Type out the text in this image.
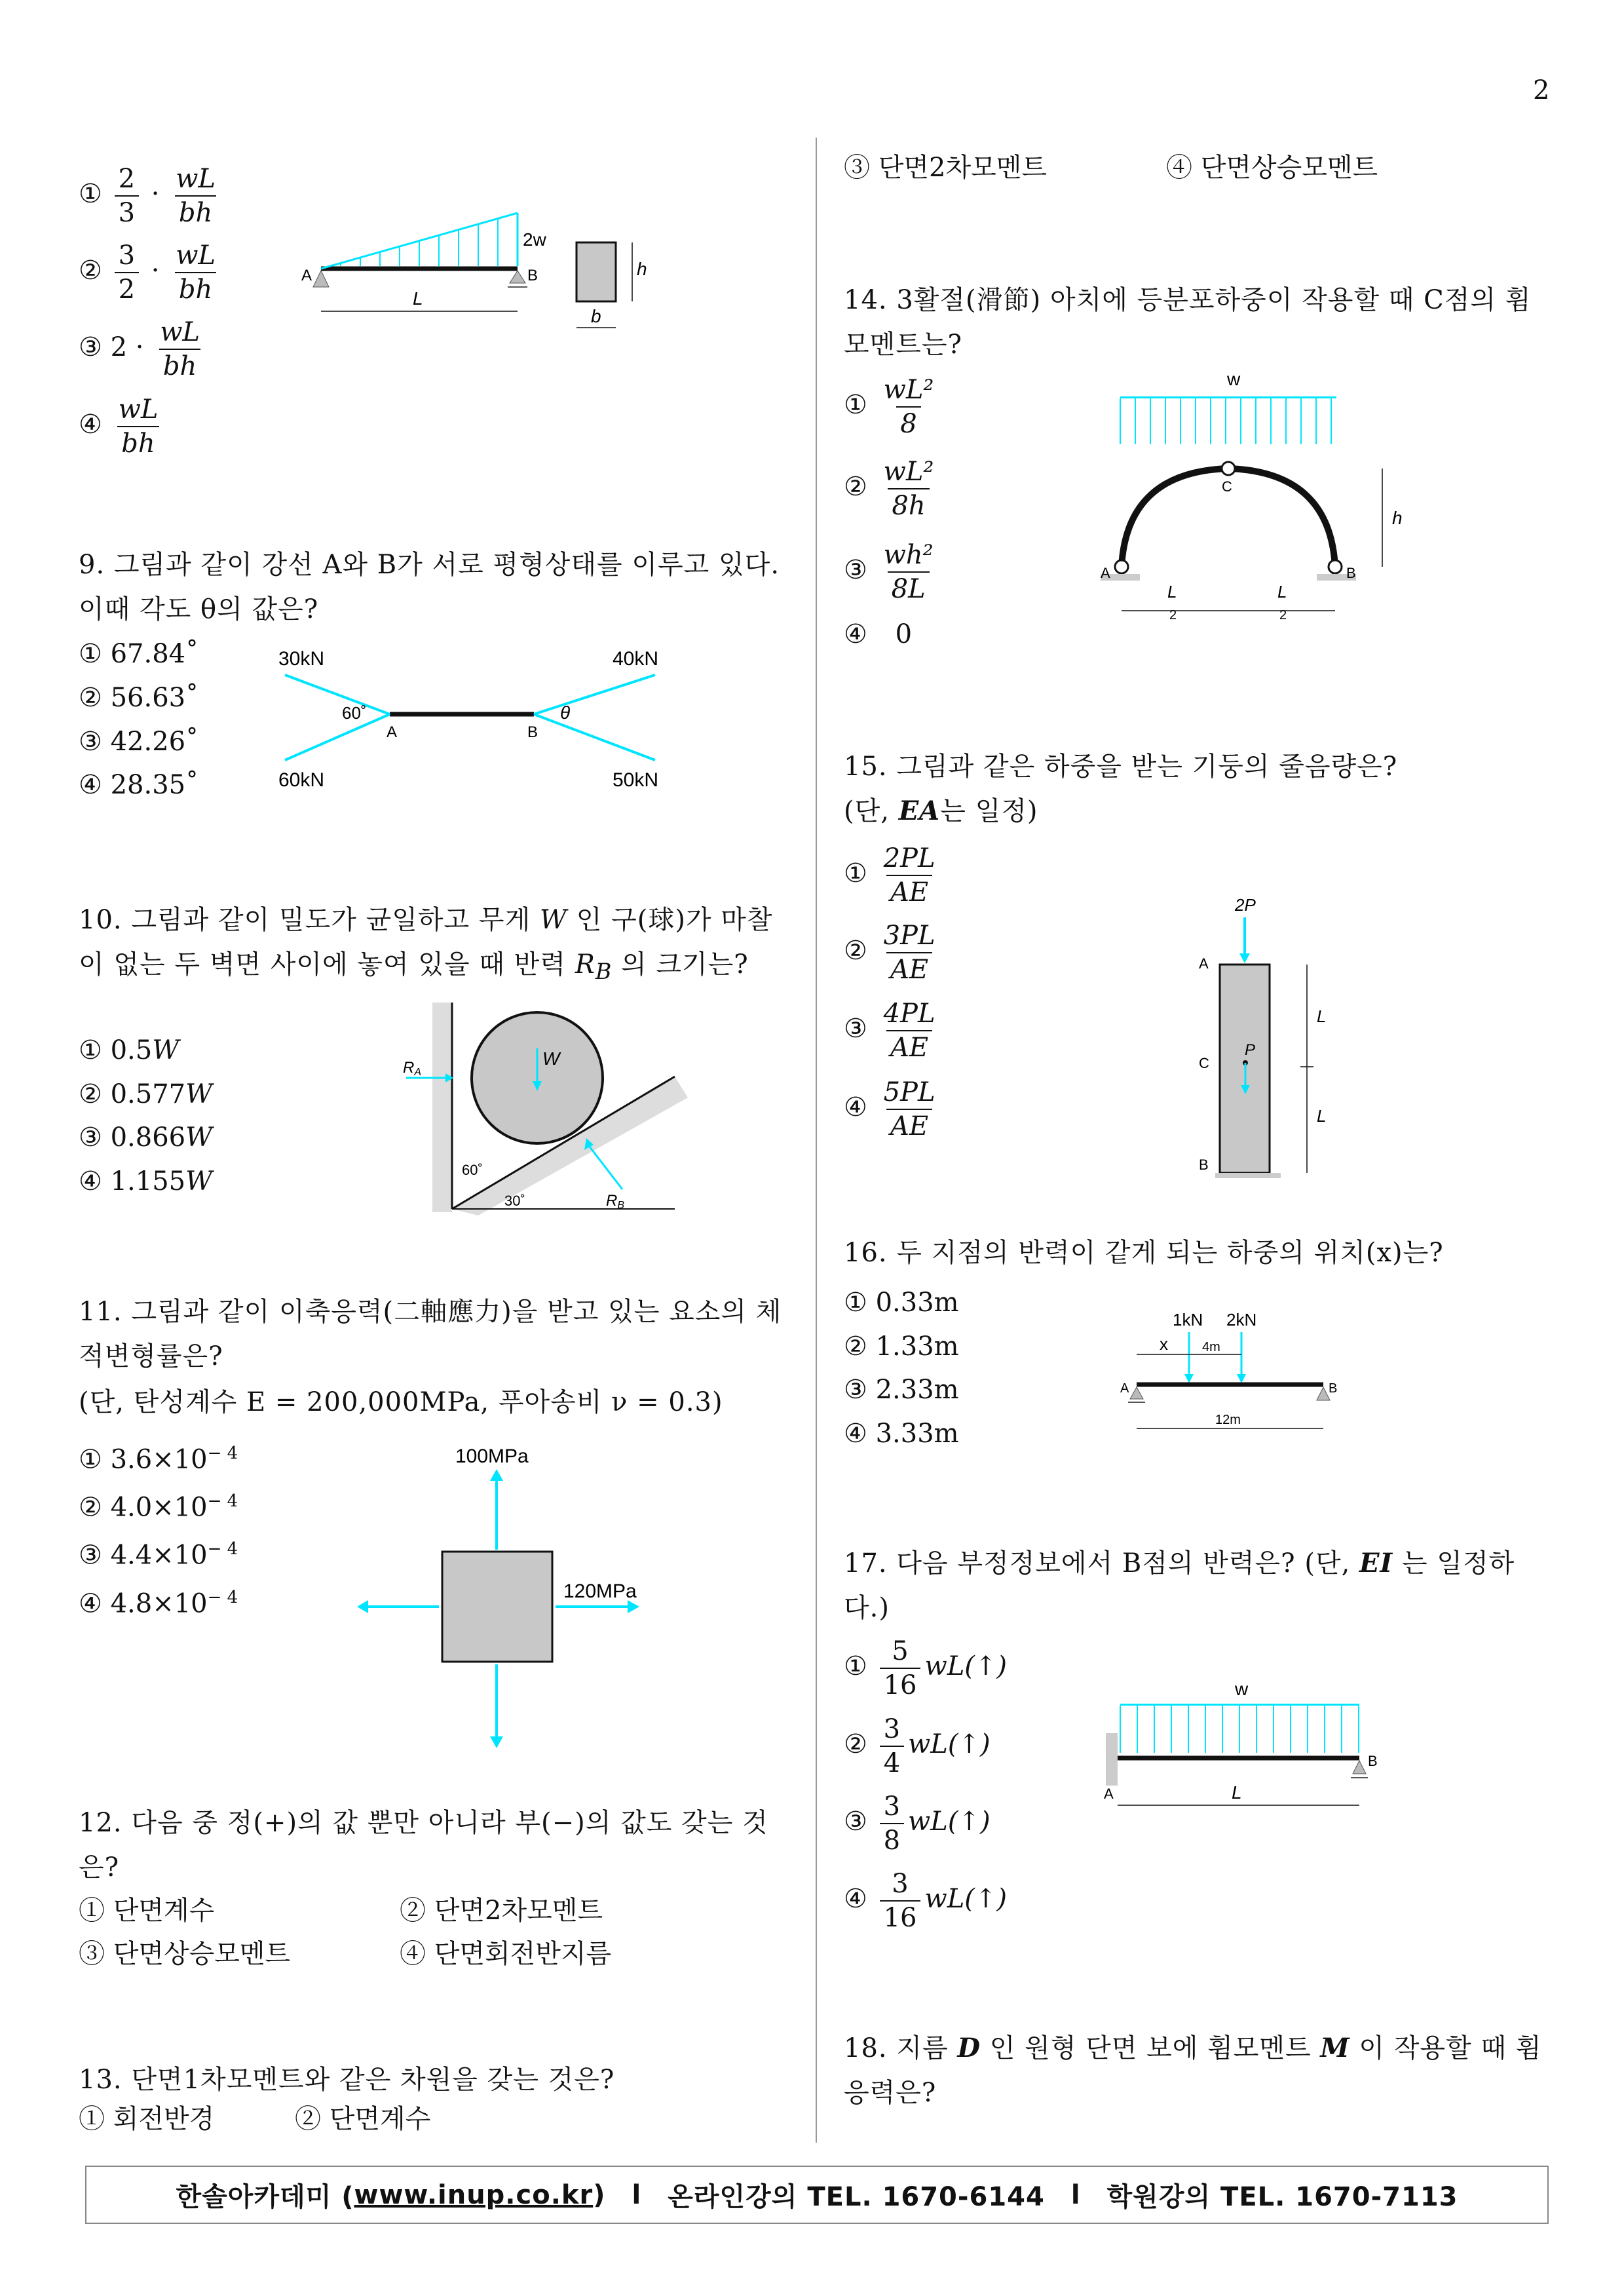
2
① $\frac{2}{3} \cdot \frac{wL}{bh}$
② $\frac{3}{2} \cdot \frac{wL}{bh}$
③ $2 \cdot \frac{wL}{bh}$
④ $\frac{wL}{bh}$
A	B
2w
L
h
b
9. 그림과 같이 강선 A와 B가 서로 평형상태를 이루고 있다. 이때 각도 θ의 값은?
① 67.84˚
② 56.63˚
③ 42.26˚
④ 28.35˚
30kN	40kN
60kN	50kN
60˚	θ
A	B
10. 그림과 같이 밀도가 균일하고 무게 W 인 구(球)가 마찰이 없는 두 벽면 사이에 놓여 있을 때 반력 $R_B$ 의 크기는?
① 0.5W
② 0.577W
③ 0.866W
④ 1.155W
W
RA
RB
60˚
30˚
11. 그림과 같이 이축응력(二軸應力)을 받고 있는 요소의 체적변형률은?
(단, 탄성계수 E = 200,000MPa, 푸아송비 ν = 0.3)
① $3.6\times 10^{- 4}$
② $4.0\times 10^{- 4}$
③ $4.4\times 10^{- 4}$
④ $4.8\times 10^{- 4}$
100MPa
120MPa
12. 다음 중 정(+)의 값 뿐만 아니라 부(−)의 값도 갖는 것은?
① 단면계수	② 단면2차모멘트
③ 단면상승모멘트	④ 단면회전반지름
13. 단면1차모멘트와 같은 차원을 갖는 것은?
① 회전반경	② 단면계수
③ 단면2차모멘트	④ 단면상승모멘트
14. 3활절(滑節) 아치에 등분포하중이 작용할 때 C점의 휨모멘트는?
① $\frac{\text{wL²}}{8}$
② $\frac{\text{wL²}}{8h}$
③ $\frac{\text{wh²}}{8L}$
④ 0
w
C
A	B
h
L
2
L
2
15. 그림과 같은 하중을 받는 기둥의 줄음량은?
(단, EA는 일정)
① $\frac{2PL}{AE}$
② $\frac{3PL}{AE}$
③ $\frac{4PL}{AE}$
④ $\frac{5PL}{AE}$
2P
P
A
C
B
L
L
16. 두 지점의 반력이 같게 되는 하중의 위치(x)는?
① 0.33m
② 1.33m
③ 2.33m
④ 3.33m
1kN 2kN
x	4m
A	B
12m
17. 다음 부정정보에서 B점의 반력은? (단, EI 는 일정하다.)
① $\frac{5}{16}$ wL(↑)
② $\frac{3}{4}$ wL(↑)
③ $\frac{3}{8}$ wL(↑)
④ $\frac{3}{16}$ wL(↑)
w
A
B
L
18. 지름 D 인 원형 단면 보에 휨모멘트 M 이 작용할 때 휨응력은?
한솔아카데미 ( www.inup.co.kr ) l 온라인강의 TEL. 1670-6144 l 학원강의 TEL. 1670-7113
